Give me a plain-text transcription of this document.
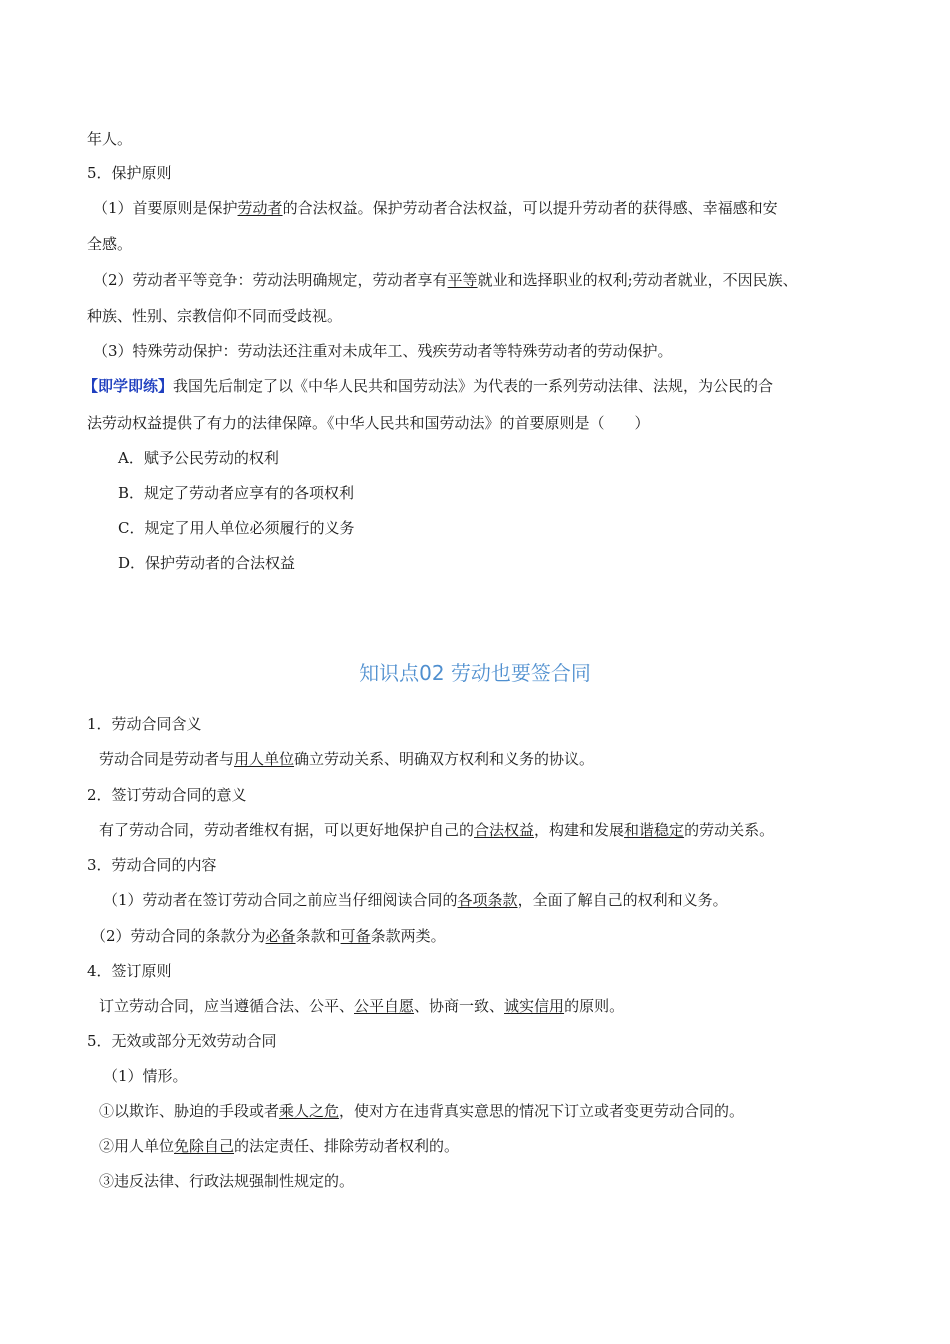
年人。
5．保护原则
（1）首要原则是保护劳动者的合法权益。保护劳动者合法权益，可以提升劳动者的获得感、幸福感和安
全感。
（2）劳动者平等竞争：劳动法明确规定，劳动者享有平等就业和选择职业的权利;劳动者就业，不因民族、
种族、性别、宗教信仰不同而受歧视。
（3）特殊劳动保护：劳动法还注重对未成年工、残疾劳动者等特殊劳动者的劳动保护。
【即学即练】我国先后制定了以《中华人民共和国劳动法》为代表的一系列劳动法律、法规，为公民的合
法劳动权益提供了有力的法律保障。《中华人民共和国劳动法》的首要原则是（　　）
A．赋予公民劳动的权利
B．规定了劳动者应享有的各项权利
C．规定了用人单位必须履行的义务
D．保护劳动者的合法权益
知识点02 劳动也要签合同
1．劳动合同含义
劳动合同是劳动者与用人单位确立劳动关系、明确双方权利和义务的协议。
2．签订劳动合同的意义
有了劳动合同，劳动者维权有据，可以更好地保护自己的合法权益，构建和发展和谐稳定的劳动关系。
3．劳动合同的内容
（1）劳动者在签订劳动合同之前应当仔细阅读合同的各项条款，全面了解自己的权利和义务。
（2）劳动合同的条款分为必备条款和可备条款两类。
4．签订原则
订立劳动合同，应当遵循合法、公平、公平自愿、协商一致、诚实信用的原则。
5．无效或部分无效劳动合同
（1）情形。
①以欺诈、胁迫的手段或者乘人之危，使对方在违背真实意思的情况下订立或者变更劳动合同的。
②用人单位免除自己的法定责任、排除劳动者权利的。
③违反法律、行政法规强制性规定的。
